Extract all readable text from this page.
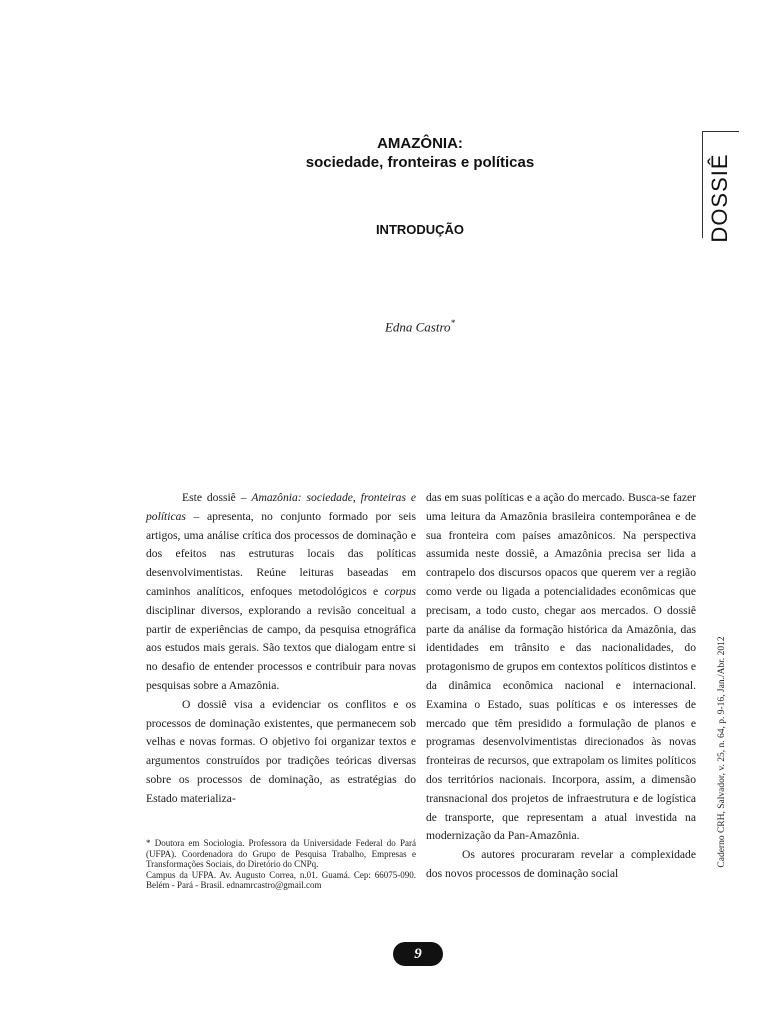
AMAZÔNIA:
sociedade, fronteiras e políticas
INTRODUÇÃO
Edna Castro*
DOSSIÊ
Caderno CRH, Salvador, v. 25, n. 64, p. 9-16, Jan./Abr. 2012

Este dossiê – Amazônia: sociedade, fronteiras e políticas – apresenta, no conjunto formado por seis artigos, uma análise crítica dos processos de dominação e dos efeitos nas estruturas locais das políticas desenvolvimentistas. Reúne leituras baseadas em caminhos analíticos, enfoques metodológicos e corpus disciplinar diversos, explorando a revisão conceitual a partir de experiências de campo, da pesquisa etnográfica aos estudos mais gerais. São textos que dialogam entre si no desafio de entender processos e contribuir para novas pesquisas sobre a Amazônia.

O dossiê visa a evidenciar os conflitos e os processos de dominação existentes, que permanecem sob velhas e novas formas. O objetivo foi organizar textos e argumentos construídos por tradições teóricas diversas sobre os processos de dominação, as estratégias do Estado materializa-

das em suas políticas e a ação do mercado. Busca-se fazer uma leitura da Amazônia brasileira contemporânea e de sua fronteira com países amazônicos. Na perspectiva assumida neste dossiê, a Amazônia precisa ser lida a contrapelo dos discursos opacos que querem ver a região como verde ou ligada a potencialidades econômicas que precisam, a todo custo, chegar aos mercados. O dossiê parte da análise da formação histórica da Amazônia, das identidades em trânsito e das nacionalidades, do protagonismo de grupos em contextos políticos distintos e da dinâmica econômica nacional e internacional. Examina o Estado, suas políticas e os interesses de mercado que têm presidido a formulação de planos e programas desenvolvimentistas direcionados às novas fronteiras de recursos, que extrapolam os limites políticos dos territórios nacionais. Incorpora, assim, a dimensão transnacional dos projetos de infraestrutura e de logística de transporte, que representam a atual investida na modernização da Pan-Amazônia.

Os autores procuraram revelar a complexidade dos novos processos de dominação social

* Doutora em Sociologia. Professora da Universidade Federal do Pará (UFPA). Coordenadora do Grupo de Pesquisa Trabalho, Empresas e Transformações Sociais, do Diretório do CNPq.
Campus da UFPA. Av. Augusto Correa, n.01. Guamá. Cep: 66075-090. Belém - Pará - Brasil. ednamrcastro@gmail.com
9
